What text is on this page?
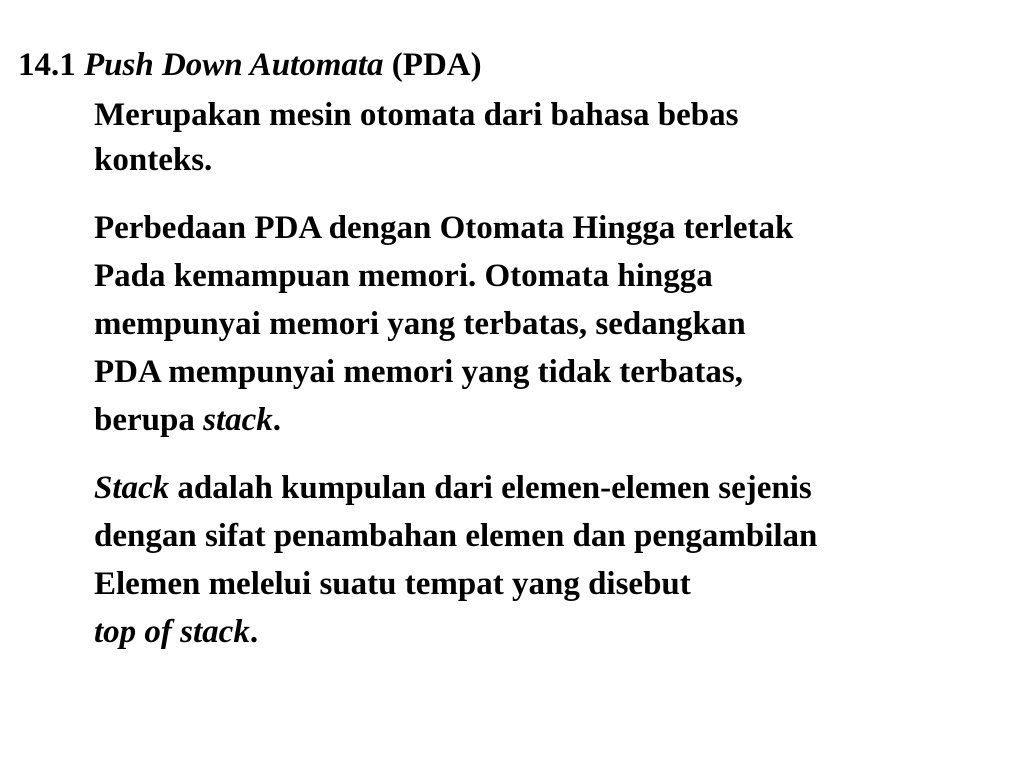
14.1 Push Down Automata (PDA)
Merupakan mesin otomata dari bahasa bebas
konteks.
Perbedaan PDA dengan Otomata Hingga terletak
Pada kemampuan memori. Otomata hingga
mempunyai memori yang terbatas, sedangkan
PDA mempunyai memori yang tidak terbatas,
berupa stack.
Stack adalah kumpulan dari elemen-elemen sejenis
dengan sifat penambahan elemen dan pengambilan
Elemen melelui suatu tempat yang disebut
top of stack.
